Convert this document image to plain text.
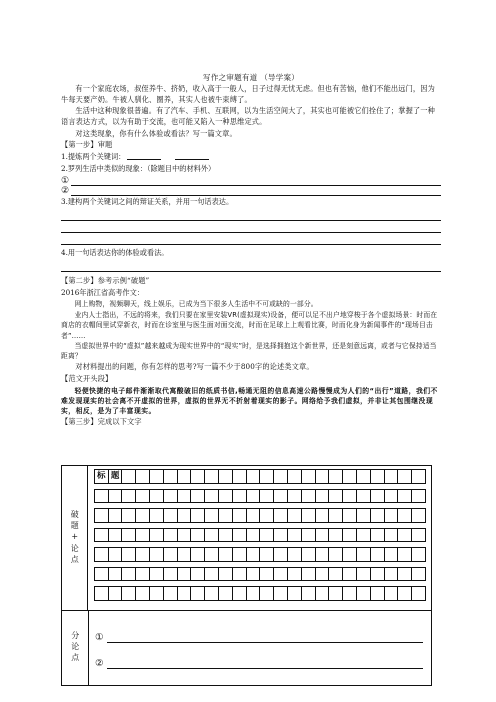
写作之审题有道 （导学案）
有一个家庭农场，叔侄养牛、挤奶，收入高于一般人，日子过得无忧无虑。但也有苦恼，他们不能出远门，因为牛每天要产奶。牛被人驯化、圈养，其实人也被牛束缚了。
生活中这种现象很普遍。有了汽车、手机、互联网，以为生活空间大了，其实也可能被它们拴住了；掌握了一种语言表达方式，以为有助于交流，也可能又陷入一种思维定式。
对这类现象，你有什么体验或看法？写一篇文章。
【第一步】审题
1.提炼两个关键词：
2.罗列生活中类似的现象：（除题目中的材料外）
①
②
3.建构两个关键词之间的辩证关系，并用一句话表达。
4.用一句话表达你的体验或看法。
【第二步】参考示例“破题”
2016年浙江省高考作文：
网上购物，视频聊天，线上娱乐，已成为当下很多人生活中不可或缺的一部分。
业内人士指出，不远的将来，我们只要在家里安装VR(虚拟现实)设备，便可以足不出户地穿梭于各个虚拟场景：时而在商店的衣帽间里试穿新衣，时而在诊室里与医生面对面交流，时而在足球上上观看比赛，时而化身为新闻事件的“现场目击者”……
当虚拟世界中的“虚拟”越来越成为现实世界中的“现实”时，是选择拥抱这个新世界，还是刻意远离，或者与它保持适当距离？
对材料提出的问题，你有怎样的思考?写一篇不少于800字的论述类文章。
【范文开头段】
轻便快捷的电子邮件渐渐取代寓酸破旧的纸质书信,畅通无阻的信息高速公路慢慢成为人们的“出行”道路，我们不难发现现实的社会离不开虚拟的世界，虚拟的世界无不折射着现实的影子。网络给予我们虚拟，并非让其包围继没现实，相反，是为了丰富现实。
【第三步】完成以下文字
破题+论点
标 题
分论点 ①
②
